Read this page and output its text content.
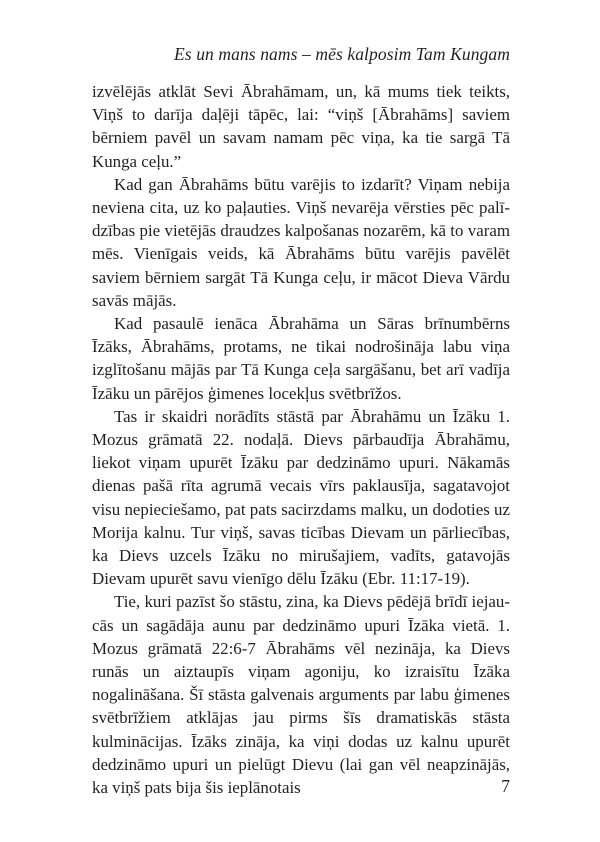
Es un mans nams – mēs kalposim Tam Kungam

izvēlējās atklāt Sevi Ābrahāmam, un, kā mums tiek teikts, Viņš to darīja daļēji tāpēc, lai: “viņš [Ābrahāms] saviem bērniem pavēl un savam namam pēc viņa, ka tie sargā Tā Kunga ceļu.”

Kad gan Ābrahāms būtu varējis to izdarīt? Viņam nebija neviena cita, uz ko paļauties. Viņš nevarēja vērsties pēc palīdzības pie vietējās draudzes kalpošanas nozarēm, kā to varam mēs. Vienīgais veids, kā Ābrahāms būtu varējis pavēlēt saviem bērniem sargāt Tā Kunga ceļu, ir mācot Dieva Vārdu savās mājās.

Kad pasaulē ienāca Ābrahāma un Sāras brīnumbērns Īzāks, Ābrahāms, protams, ne tikai nodrošināja labu viņa izglītošanu mājās par Tā Kunga ceļa sargāšanu, bet arī vadīja Īzāku un pārējos ģimenes locekļus svētbrīžos.

Tas ir skaidri norādīts stāstā par Ābrahāmu un Īzāku 1. Mozus grāmatā 22. nodaļā. Dievs pārbaudīja Ābrahāmu, liekot viņam upurēt Īzāku par dedzināmo upuri. Nākamās dienas pašā rīta agrumā vecais vīrs paklausīja, sagatavojot visu nepieciešamo, pat pats sacirzdams malku, un dodoties uz Morija kalnu. Tur viņš, savas ticības Dievam un pārliecības, ka Dievs uzcels Īzāku no mirušajiem, vadīts, gatavojās Dievam upurēt savu vienīgo dēlu Īzāku (Ebr. 11:17-19).

Tie, kuri pazīst šo stāstu, zina, ka Dievs pēdējā brīdī iejaucās un sagādāja aunu par dedzināmo upuri Īzāka vietā. 1. Mozus grāmatā 22:6-7 Ābrahāms vēl nezināja, ka Dievs runās un aiztaupīs viņam agoniju, ko izraisītu Īzāka nogalināšana. Šī stāsta galvenais arguments par labu ģimenes svētbrīžiem atklājas jau pirms šīs dramatiskās stāsta kulminācijas. Īzāks zināja, ka viņi dodas uz kalnu upurēt dedzināmo upuri un pielūgt Dievu (lai gan vēl neapzinājās, ka viņš pats bija šis ieplānotais	7
